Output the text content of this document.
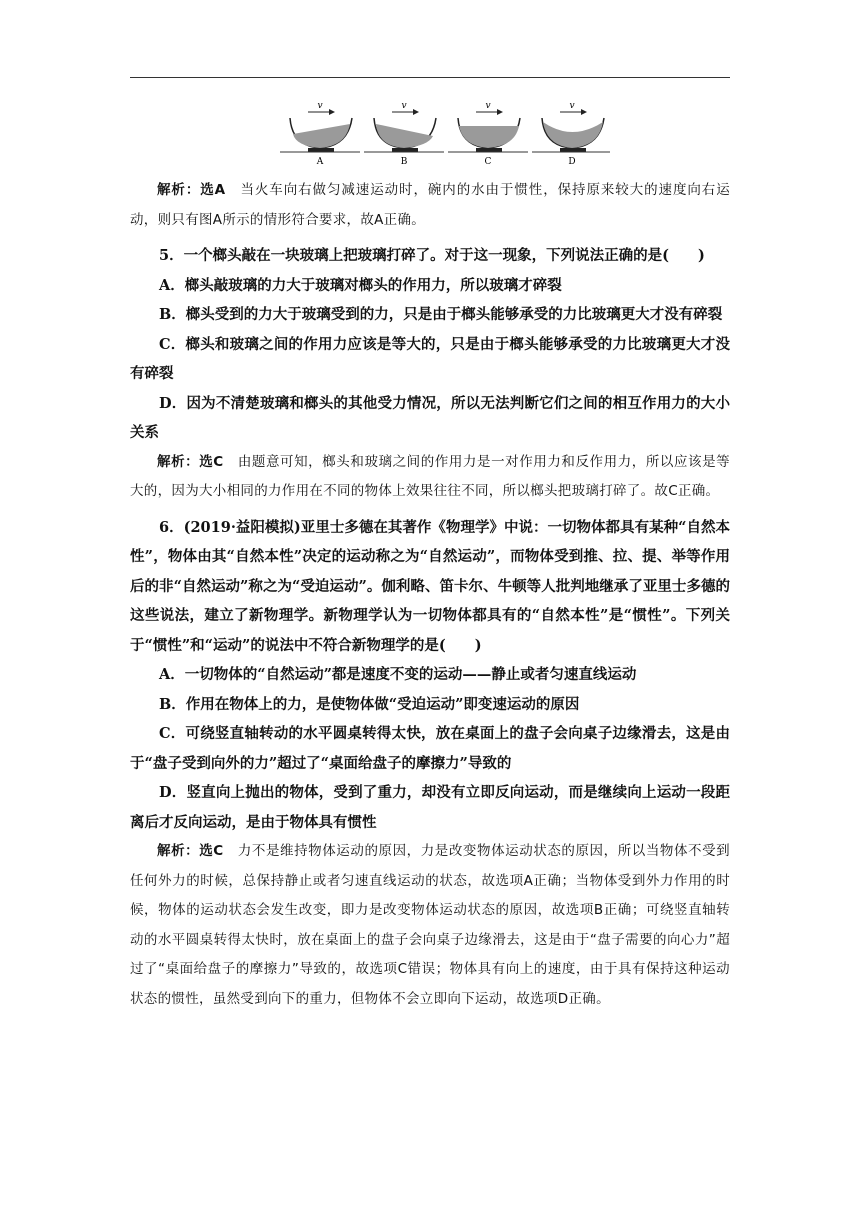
v
A
v
B
v
C
v
D

解析：选A　 当火车向右做匀减速运动时，碗内的水由于惯性，保持原来较大的速度向右运动，则只有图A所示的情形符合要求，故A正确。

5．一个榔头敲在一块玻璃上把玻璃打碎了。对于这一现象，下列说法正确的是(　　)

A．榔头敲玻璃的力大于玻璃对榔头的作用力，所以玻璃才碎裂

B．榔头受到的力大于玻璃受到的力，只是由于榔头能够承受的力比玻璃更大才没有碎裂

C．榔头和玻璃之间的作用力应该是等大的，只是由于榔头能够承受的力比玻璃更大才没有碎裂

D．因为不清楚玻璃和榔头的其他受力情况，所以无法判断它们之间的相互作用力的大小关系

解析：选C　 由题意可知，榔头和玻璃之间的作用力是一对作用力和反作用力，所以应该是等大的，因为大小相同的力作用在不同的物体上效果往往不同，所以榔头把玻璃打碎了。故C正确。

6．(2019·益阳模拟)亚里士多德在其著作《物理学》中说：一切物体都具有某种“自然本性”，物体由其“自然本性”决定的运动称之为“自然运动”，而物体受到推、拉、提、举等作用后的非“自然运动”称之为“受迫运动”。伽利略、笛卡尔、牛顿等人批判地继承了亚里士多德的这些说法，建立了新物理学。新物理学认为一切物体都具有的“自然本性”是“惯性”。下列关于“惯性”和“运动”的说法中不符合新物理学的是(　　)

A．一切物体的“自然运动”都是速度不变的运动——静止或者匀速直线运动

B．作用在物体上的力，是使物体做“受迫运动”即变速运动的原因

C．可绕竖直轴转动的水平圆桌转得太快，放在桌面上的盘子会向桌子边缘滑去，这是由于“盘子受到向外的力”超过了“桌面给盘子的摩擦力”导致的

D．竖直向上抛出的物体，受到了重力，却没有立即反向运动，而是继续向上运动一段距离后才反向运动，是由于物体具有惯性

解析：选C　 力不是维持物体运动的原因，力是改变物体运动状态的原因，所以当物体不受到任何外力的时候，总保持静止或者匀速直线运动的状态，故选项A正确；当物体受到外力作用的时候，物体的运动状态会发生改变，即力是改变物体运动状态的原因，故选项B正确；可绕竖直轴转动的水平圆桌转得太快时，放在桌面上的盘子会向桌子边缘滑去，这是由于“盘子需要的向心力”超过了“桌面给盘子的摩擦力”导致的，故选项C错误；物体具有向上的速度，由于具有保持这种运动状态的惯性，虽然受到向下的重力，但物体不会立即向下运动，故选项D正确。
